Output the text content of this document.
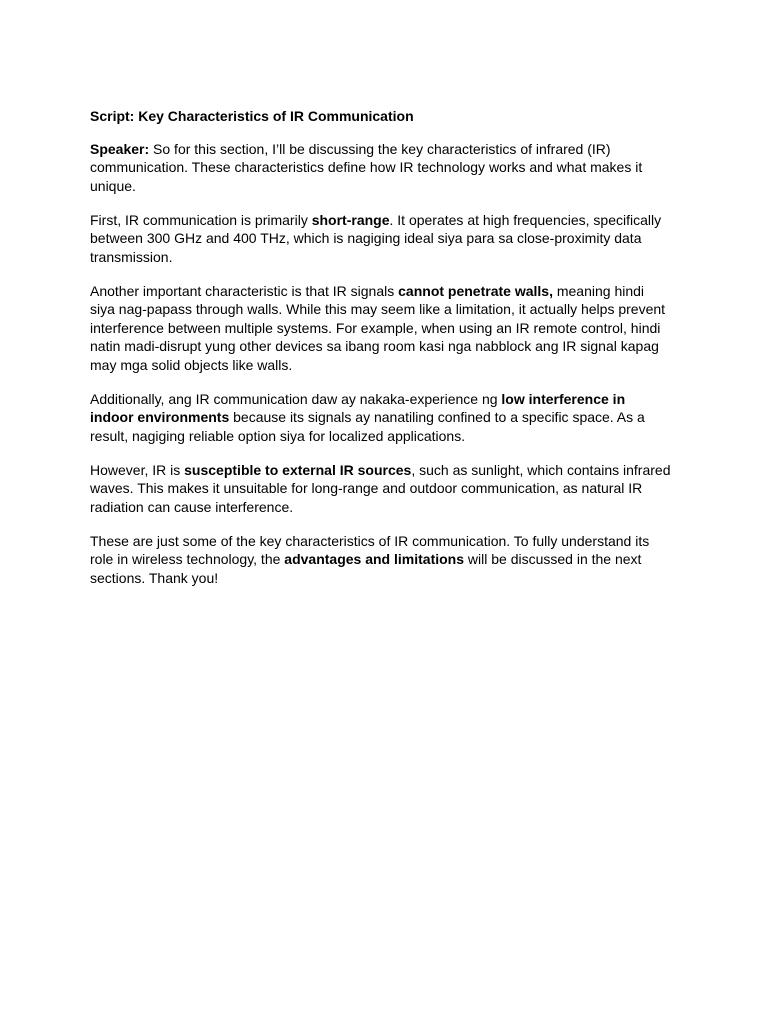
Script: Key Characteristics of IR Communication

Speaker: So for this section, I’ll be discussing the key characteristics of infrared (IR) communication. These characteristics define how IR technology works and what makes it unique.

First, IR communication is primarily short-range. It operates at high frequencies, specifically between 300 GHz and 400 THz, which is nagiging ideal siya para sa close-proximity data transmission.

Another important characteristic is that IR signals cannot penetrate walls, meaning hindi siya nag-papass through walls. While this may seem like a limitation, it actually helps prevent interference between multiple systems. For example, when using an IR remote control, hindi natin madi-disrupt yung other devices sa ibang room kasi nga nabblock ang IR signal kapag may mga solid objects like walls.

Additionally, ang IR communication daw ay nakaka-experience ng low interference in indoor environments because its signals ay nanatiling confined to a specific space. As a result, nagiging reliable option siya for localized applications.

However, IR is susceptible to external IR sources, such as sunlight, which contains infrared waves. This makes it unsuitable for long-range and outdoor communication, as natural IR radiation can cause interference.

These are just some of the key characteristics of IR communication. To fully understand its role in wireless technology, the advantages and limitations will be discussed in the next sections. Thank you!
